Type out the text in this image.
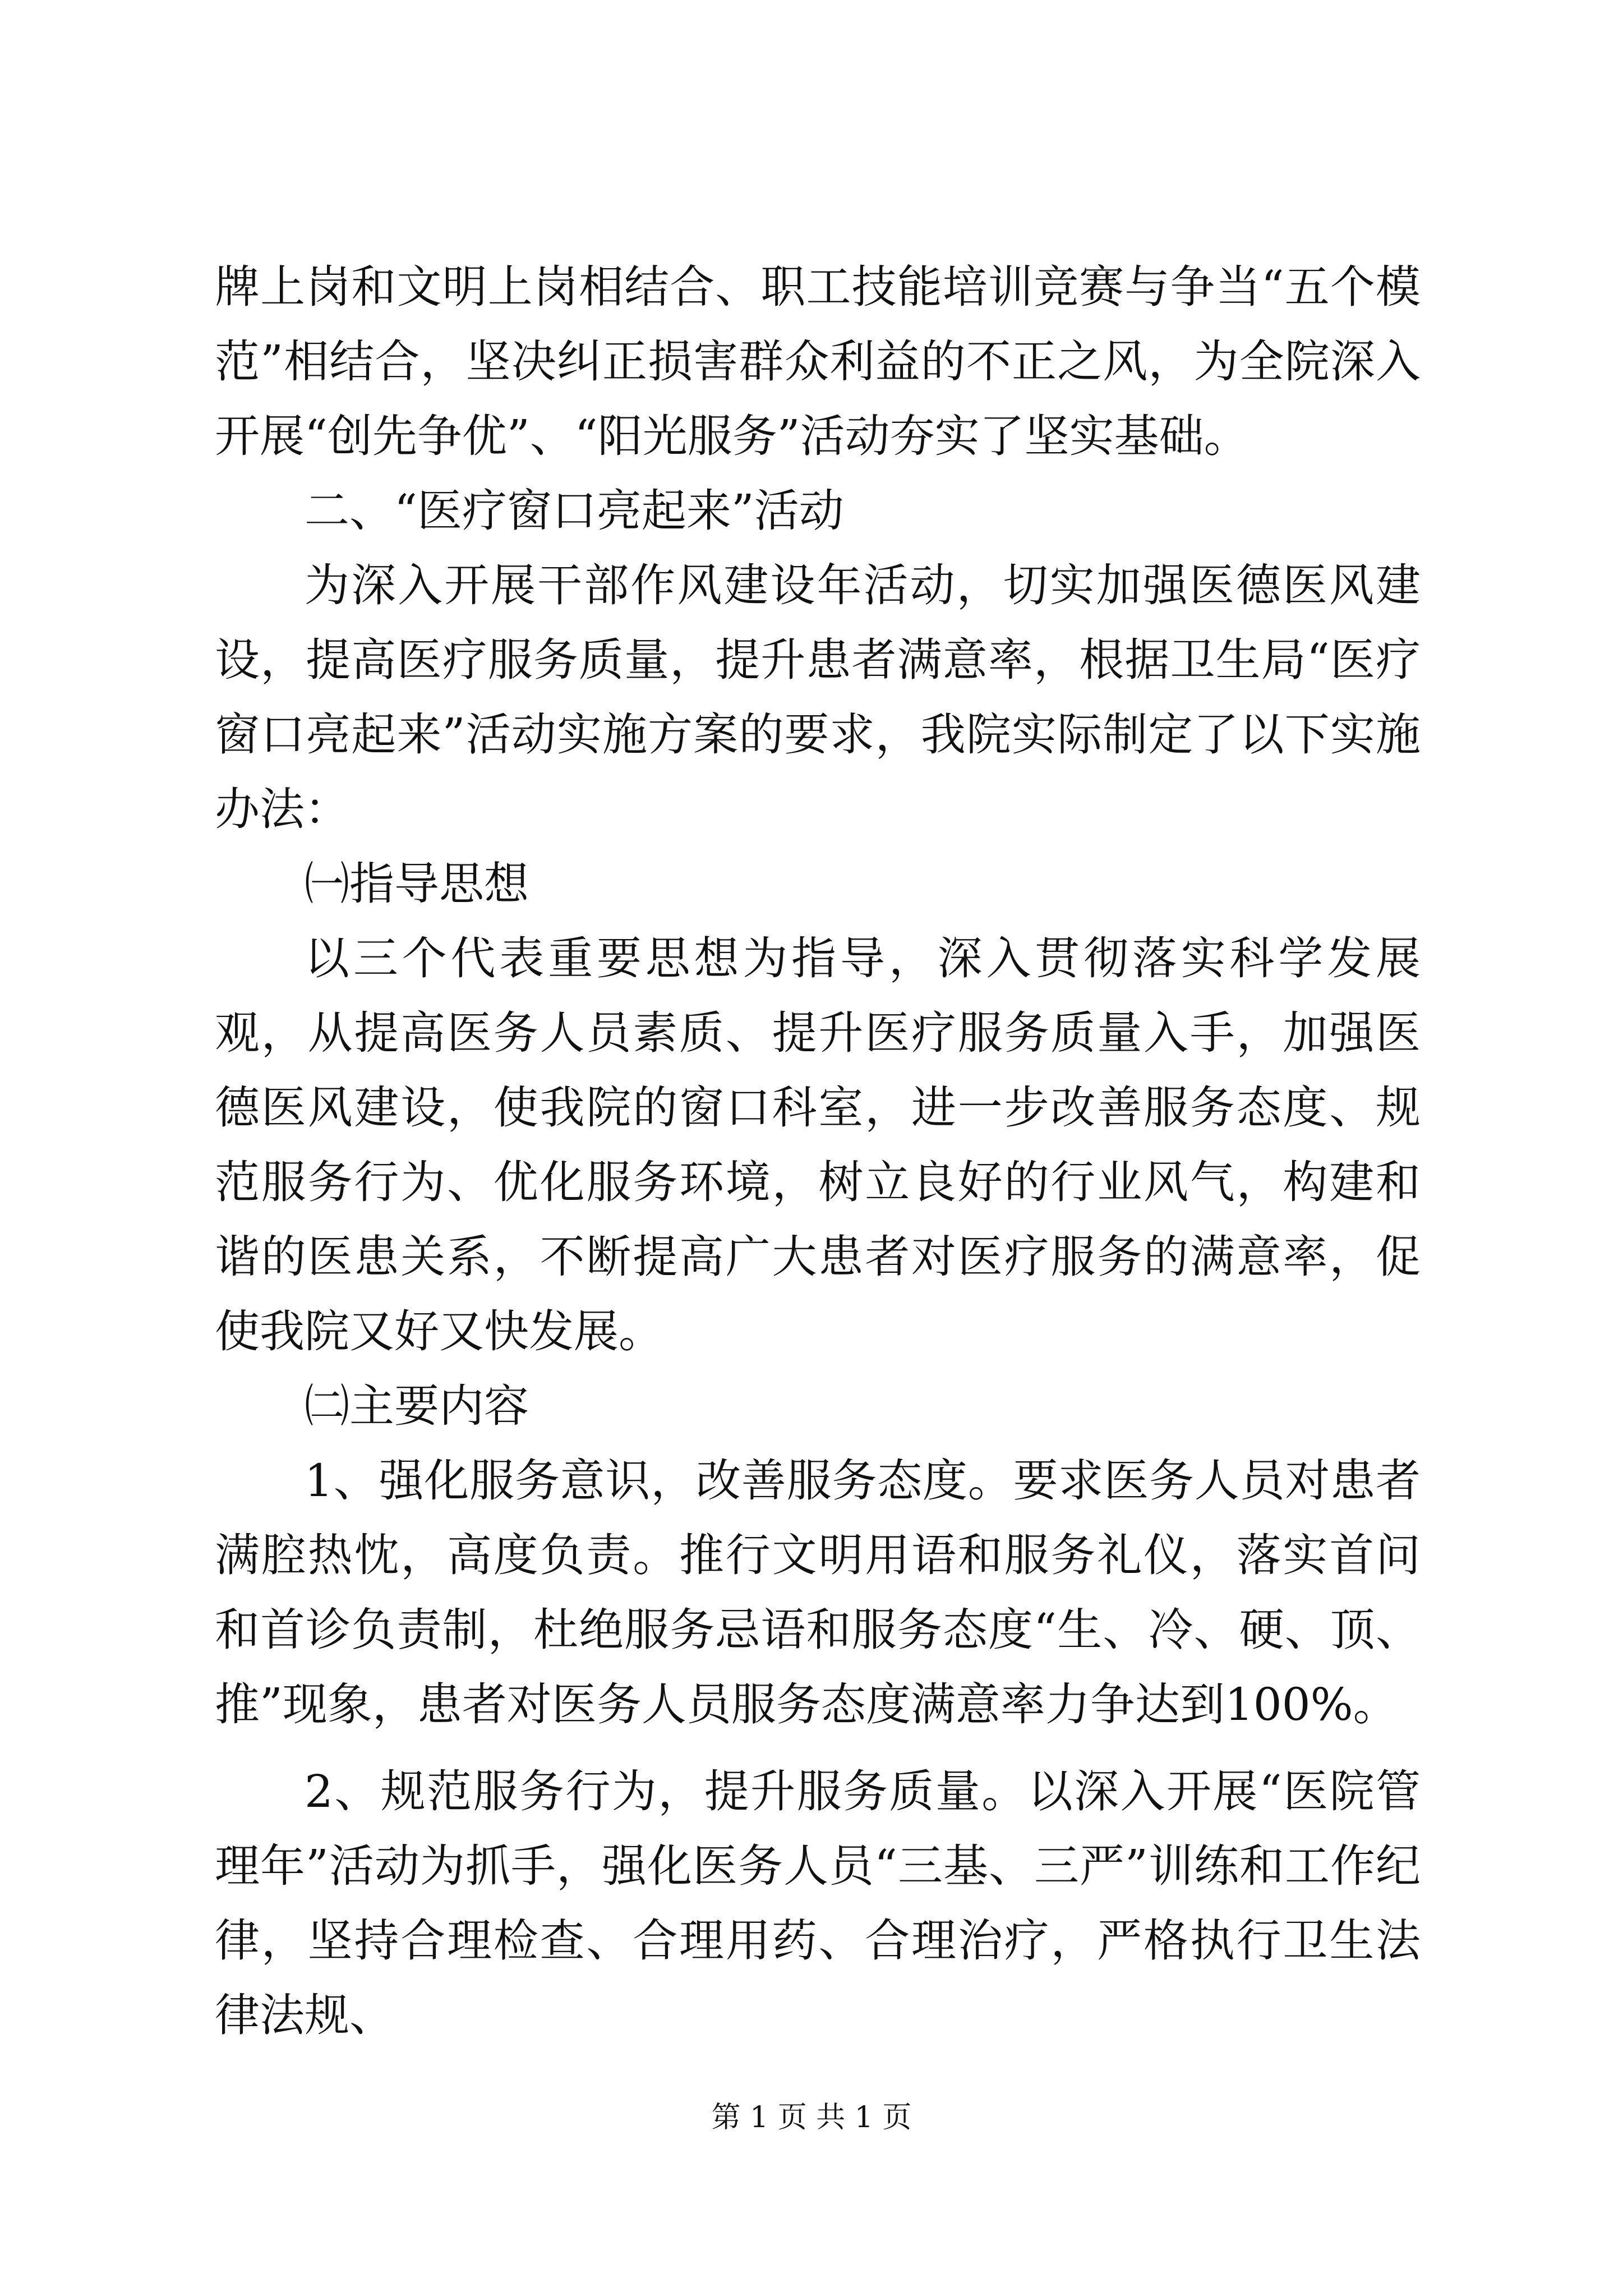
牌上岗和文明上岗相结合、职工技能培训竞赛与争当“五个模范”相结合，坚决纠正损害群众利益的不正之风，为全院深入开展“创先争优”、“阳光服务”活动夯实了坚实基础。

二、“医疗窗口亮起来”活动

为深入开展干部作风建设年活动，切实加强医德医风建设，提高医疗服务质量，提升患者满意率，根据卫生局“医疗窗口亮起来”活动实施方案的要求，我院实际制定了以下实施办法：

㈠指导思想

以三个代表重要思想为指导，深入贯彻落实科学发展观，从提高医务人员素质、提升医疗服务质量入手，加强医德医风建设，使我院的窗口科室，进一步改善服务态度、规范服务行为、优化服务环境，树立良好的行业风气，构建和谐的医患关系，不断提高广大患者对医疗服务的满意率，促使我院又好又快发展。

㈡主要内容

1、强化服务意识，改善服务态度。要求医务人员对患者满腔热忱，高度负责。推行文明用语和服务礼仪，落实首问和首诊负责制，杜绝服务忌语和服务态度“生、冷、硬、顶、推”现象，患者对医务人员服务态度满意率力争达到100%。

2、规范服务行为，提升服务质量。以深入开展“医院管理年”活动为抓手，强化医务人员“三基、三严”训练和工作纪律，坚持合理检查、合理用药、合理治疗，严格执行卫生法律法规、

第 1 页 共 1 页
